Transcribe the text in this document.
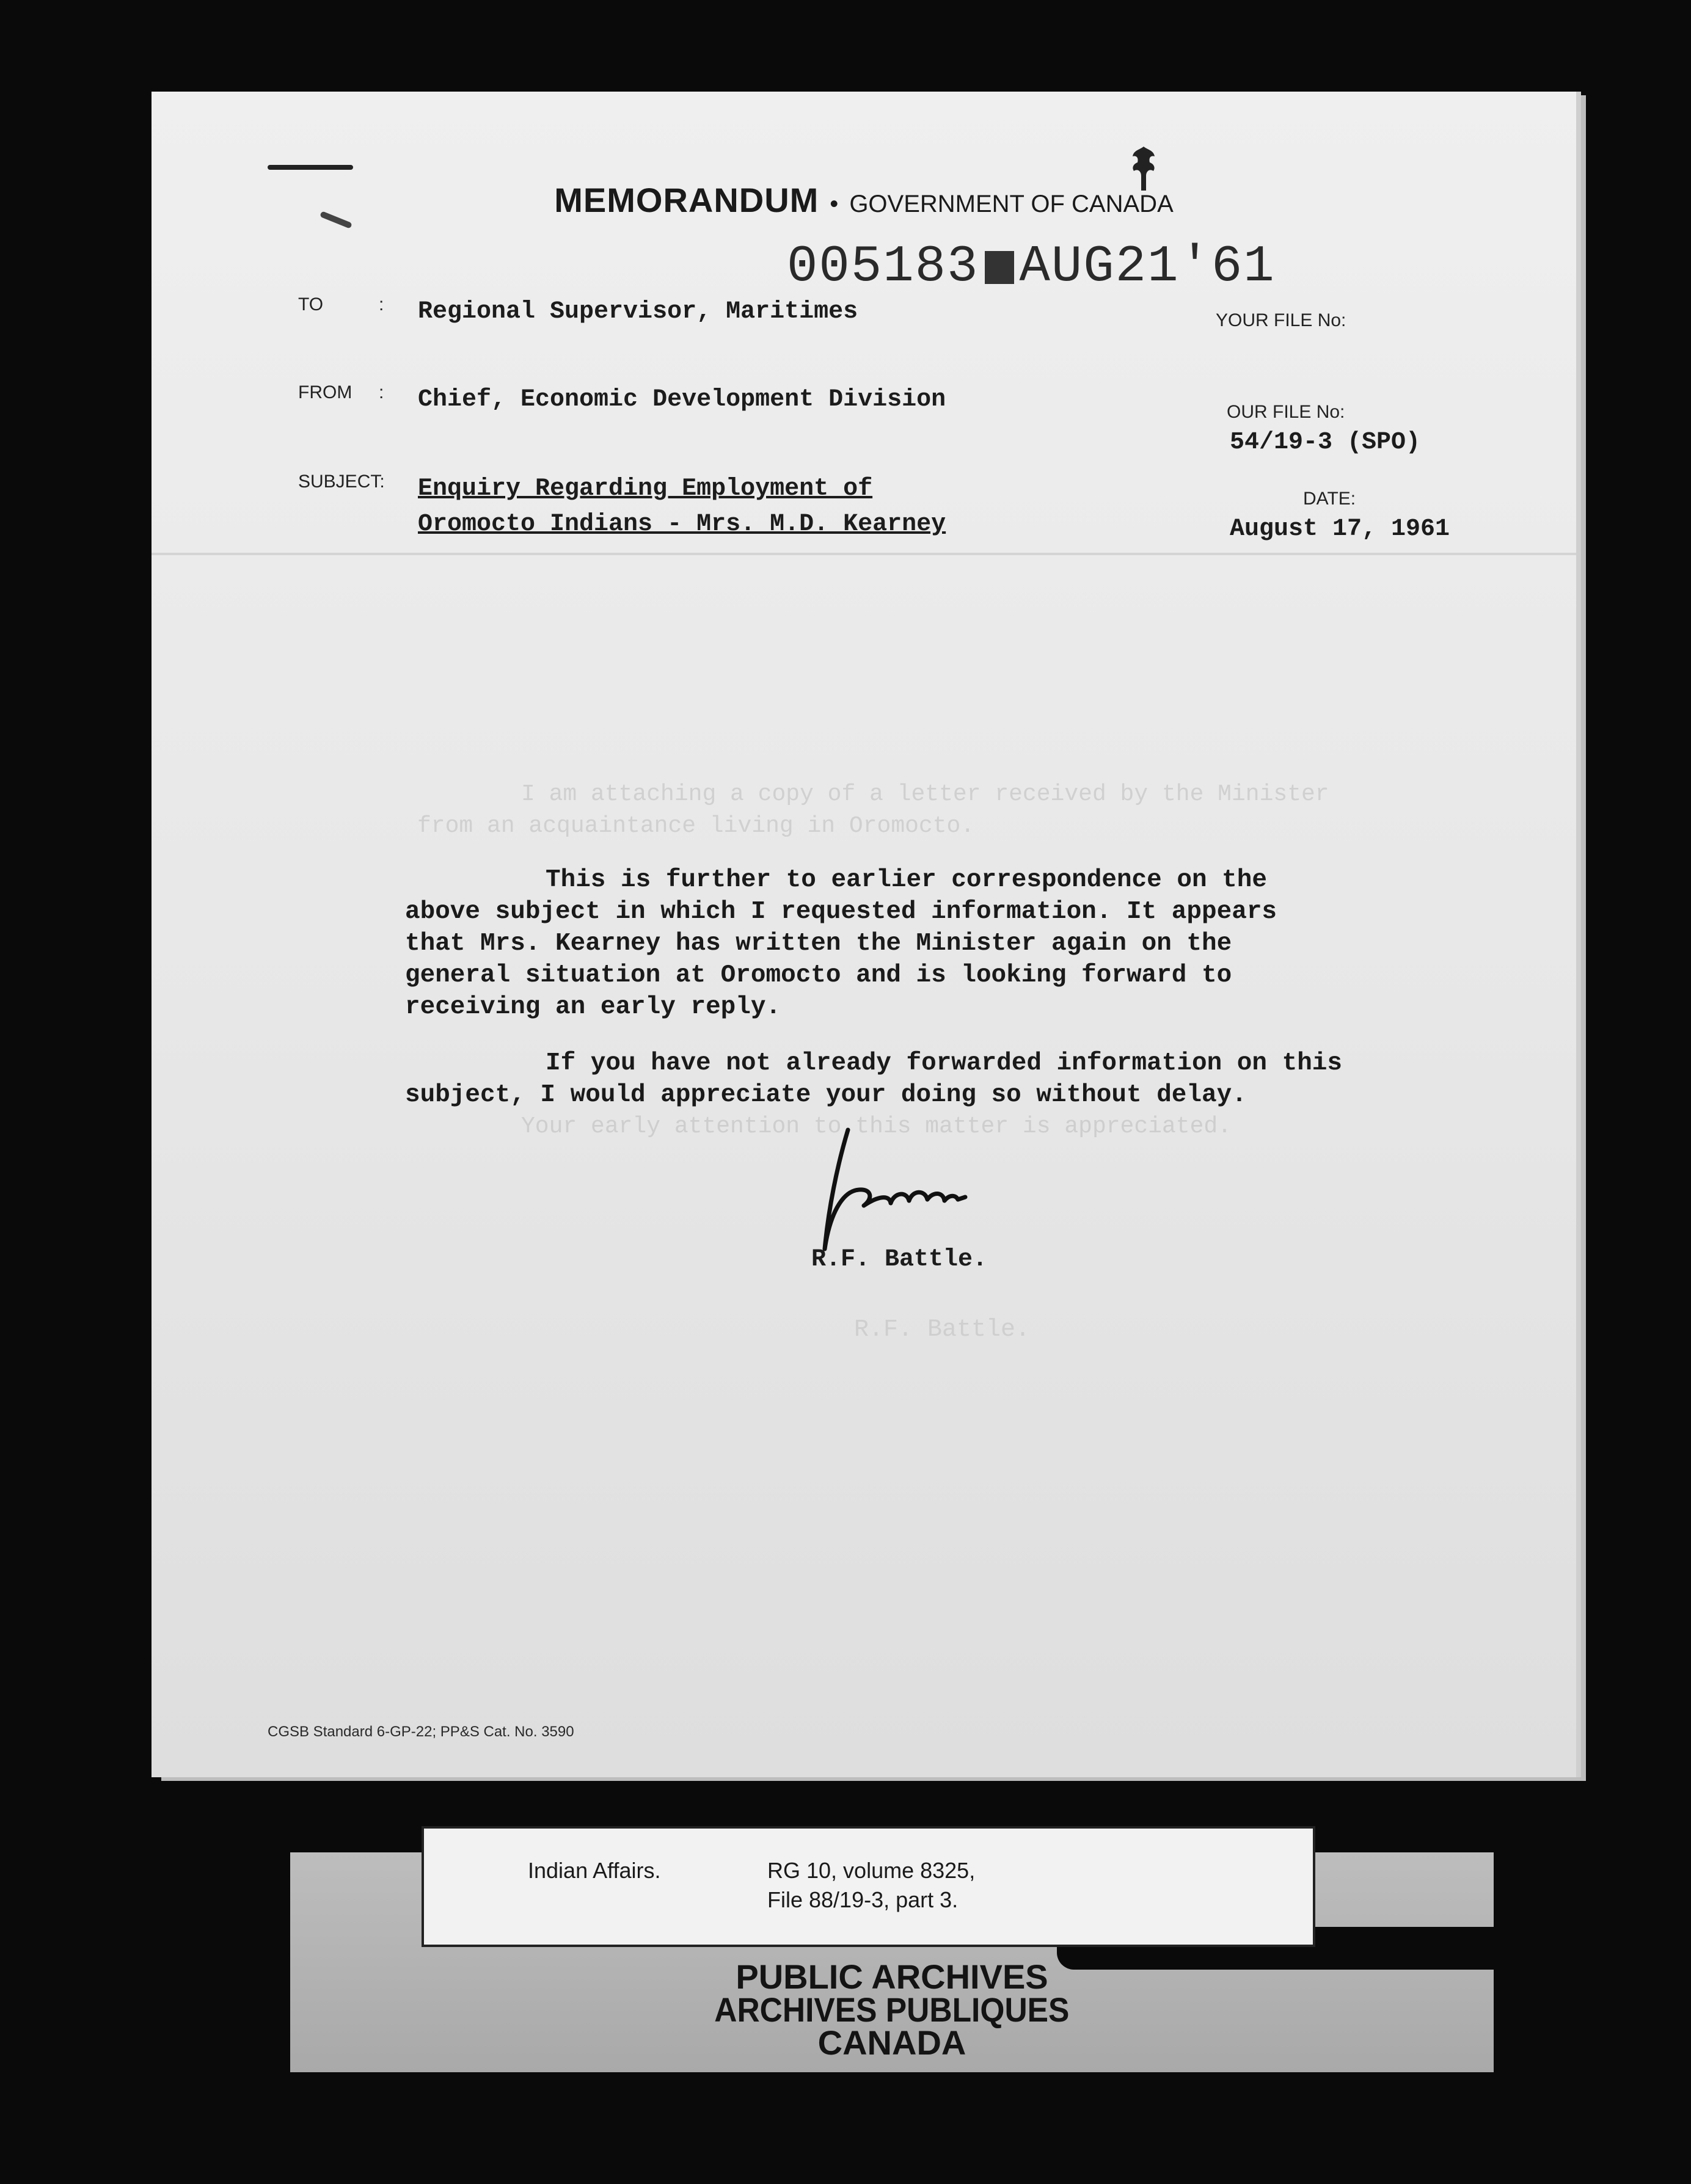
MEMORANDUM • GOVERNMENT OF CANADA
005183 AUG21'61
TO	: Regional Supervisor, Maritimes
FROM : Chief, Economic Development Division
SUBJECT: Enquiry Regarding Employment of
Oromocto Indians - Mrs. M.D. Kearney
YOUR FILE No:
OUR FILE No:
54/19-3 (SPO)
DATE:
August 17, 1961
I am attaching a copy of a letter received by the Minister
from an acquaintance living in Oromocto.
Your early attention to this matter is appreciated.
R.F. Battle.
This is further to earlier correspondence on the
above subject in which I requested information. It appears
that Mrs. Kearney has written the Minister again on the
general situation at Oromocto and is looking forward to
receiving an early reply.
If you have not already forwarded information on this
subject, I would appreciate your doing so without delay.
R.F. Battle.
CGSB Standard 6-GP-22; PP&S Cat. No. 3590
Indian Affairs.	RG 10, volume 8325,
File 88/19-3, part 3.
PUBLIC ARCHIVES
ARCHIVES PUBLIQUES
CANADA
